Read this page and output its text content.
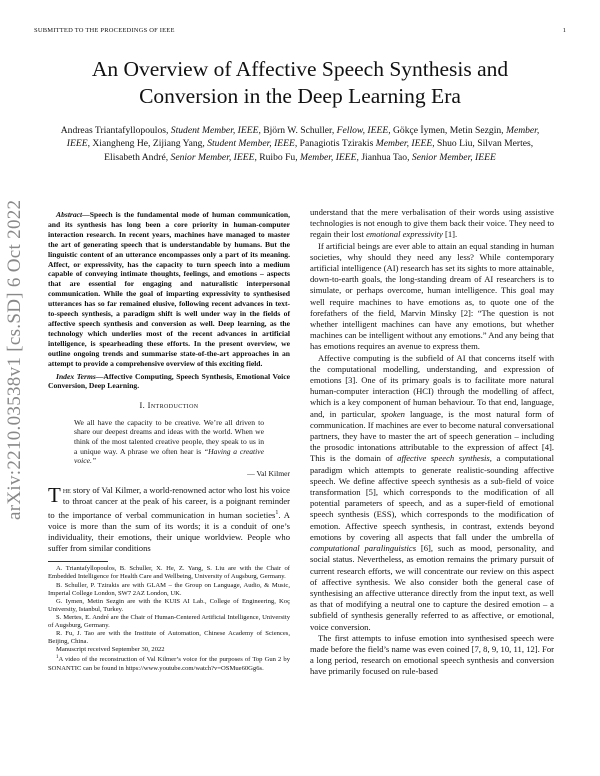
SUBMITTED TO THE PROCEEDINGS OF IEEE	1
arXiv:2210.03538v1 [cs.SD] 6 Oct 2022
An Overview of Affective Speech Synthesis and Conversion in the Deep Learning Era
Andreas Triantafyllopoulos, Student Member, IEEE, Björn W. Schuller, Fellow, IEEE, Gökçe İymen, Metin Sezgin, Member, IEEE, Xiangheng He, Zijiang Yang, Student Member, IEEE, Panagiotis Tzirakis Member, IEEE, Shuo Liu, Silvan Mertes, Elisabeth André, Senior Member, IEEE, Ruibo Fu, Member, IEEE, Jianhua Tao, Senior Member, IEEE

Abstract—Speech is the fundamental mode of human communication, and its synthesis has long been a core priority in human-computer interaction research. In recent years, machines have managed to master the art of generating speech that is understandable by humans. But the linguistic content of an utterance encompasses only a part of its meaning. Affect, or expressivity, has the capacity to turn speech into a medium capable of conveying intimate thoughts, feelings, and emotions – aspects that are essential for engaging and naturalistic interpersonal communication. While the goal of imparting expressivity to synthesised utterances has so far remained elusive, following recent advances in text-to-speech synthesis, a paradigm shift is well under way in the fields of affective speech synthesis and conversion as well. Deep learning, as the technology which underlies most of the recent advances in artificial intelligence, is spearheading these efforts. In the present overview, we outline ongoing trends and summarise state-of-the-art approaches in an attempt to provide a comprehensive overview of this exciting field.

Index Terms—Affective Computing, Speech Synthesis, Emotional Voice Conversion, Deep Learning.

I. Introduction
We all have the capacity to be creative. We’re all driven to share our deepest dreams and ideas with the world. When we think of the most talented creative people, they speak to us in a unique way. A phrase we often hear is “Having a creative voice.”
— Val Kilmer

The story of Val Kilmer, a world-renowned actor who lost his voice to throat cancer at the peak of his career, is a poignant reminder to the importance of verbal communication in human societies$^1$. A voice is more than the sum of its words; it is a conduit of one’s individuality, their emotions, their unique worldview. People who suffer from similar conditions

A. Triantafyllopoulos, B. Schuller, X. He, Z. Yang, S. Liu are with the Chair of Embedded Intelligence for Health Care and Wellbeing, University of Augsburg, Germany.

B. Schuller, P. Tzirakis are with GLAM – the Group on Language, Audio, & Music, Imperial College London, SW7 2AZ London, UK.

G. Iymen, Metin Sezgin are with the KUIS AI Lab., College of Engineering, Koç University, Istanbul, Turkey.

S. Mertes, E. André are the Chair of Human-Centered Artificial Intelligence, University of Augsburg, Germany.

R. Fu, J. Tao are with the Institute of Automation, Chinese Academy of Sciences, Beijing, China.

Manuscript received September 30, 2022

$^1$A video of the reconstruction of Val Kilmer’s voice for the purposes of Top Gun 2 by SONANTIC can be found in https://www.youtube.com/watch?v=OSMue60Gg6s.

understand that the mere verbalisation of their words using assistive technologies is not enough to give them back their voice. They need to regain their lost emotional expressivity [1].

If artificial beings are ever able to attain an equal standing in human societies, why should they need any less? While contemporary artificial intelligence (AI) research has set its sights to more attainable, down-to-earth goals, the long-standing dream of AI researchers is to simulate, or perhaps overcome, human intelligence. This goal may well require machines to have emotions as, to quote one of the forefathers of the field, Marvin Minsky [2]: “The question is not whether intelligent machines can have any emotions, but whether machines can be intelligent without any emotions.” And any being that has emotions requires an avenue to express them.

Affective computing is the subfield of AI that concerns itself with the computational modelling, understanding, and expression of emotions [3]. One of its primary goals is to facilitate more natural human-computer interaction (HCI) through the modelling of affect, which is a key component of human behaviour. To that end, language, and, in particular, spoken language, is the most natural form of communication. If machines are ever to become natural conversational partners, they have to master the art of speech generation – including the prosodic intonations attributable to the expression of affect [4]. This is the domain of affective speech synthesis, a computational paradigm which attempts to generate realistic-sounding affective speech. We define affective speech synthesis as a sub-field of voice transformation [5], which corresponds to the modification of all potential parameters of speech, and as a super-field of emotional speech synthesis (ESS), which corresponds to the modification of emotion. Affective speech synthesis, in contrast, extends beyond emotions by covering all aspects that fall under the umbrella of computational paralinguistics [6], such as mood, personality, and social status. Nevertheless, as emotion remains the primary pursuit of current research efforts, we will concentrate our review on this aspect of affective synthesis. We also consider both the general case of synthesising an affective utterance directly from the input text, as well as that of modifying a neutral one to capture the desired emotion – a subfield of synthesis generally referred to as affective, or emotional, voice conversion.

The first attempts to infuse emotion into synthesised speech were made before the field’s name was even coined [7, 8, 9, 10, 11, 12]. For a long period, research on emotional speech synthesis and conversion have primarily focused on rule-based
